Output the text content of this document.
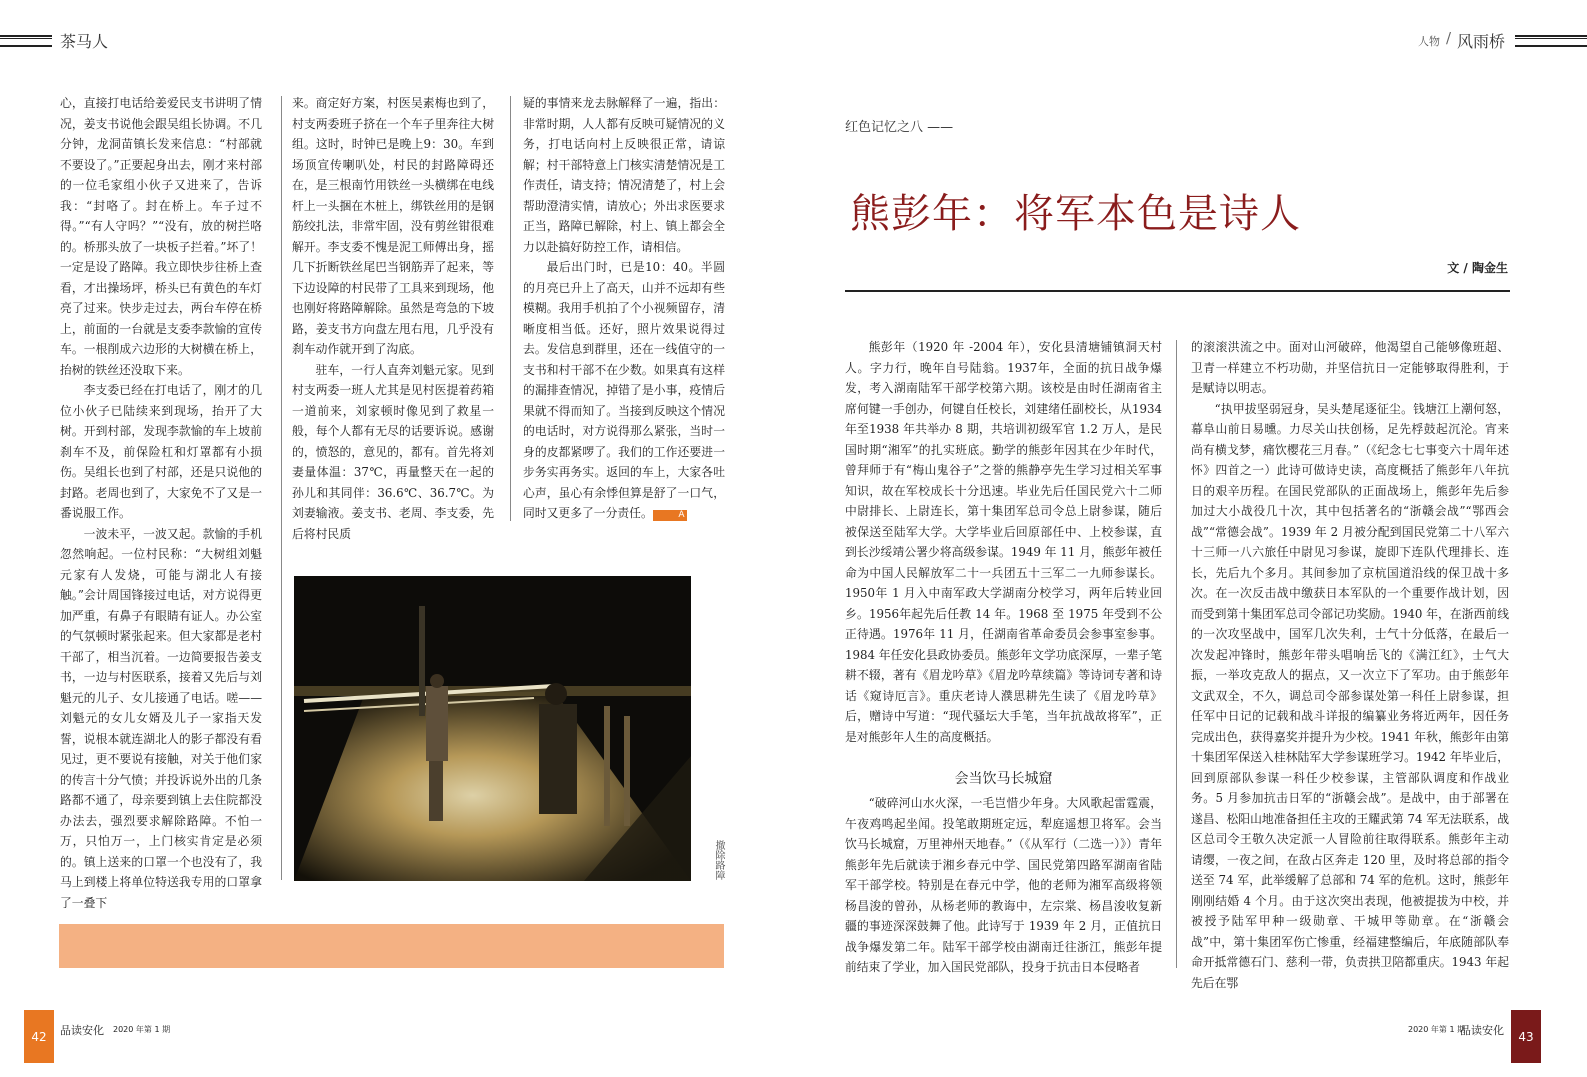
茶马人	人物 / 风雨桥
心，直接打电话给姜爱民支书讲明了情况，姜支书说他会跟吴组长协调。不几分钟，龙洞苗镇长发来信息：“村部就不要设了。”正要起身出去，刚才来村部的一位毛家组小伙子又进来了，告诉我：“封咯了。封在桥上。车子过不得。”“有人守吗？”“没有，放的树拦咯的。桥那头放了一块板子拦着。”坏了！一定是设了路障。我立即快步往桥上查看，才出操场坪，桥头已有黄色的车灯亮了过来。快步走过去，两台车停在桥上，前面的一台就是支委李款愉的宣传车。一根削成六边形的大树横在桥上，抬树的铁丝还没取下来。
李支委已经在打电话了，刚才的几位小伙子已陆续来到现场，抬开了大树。开到村部，发现李款愉的车上坡前刹车不及，前保险杠和灯罩都有小损伤。吴组长也到了村部，还是只说他的封路。老周也到了，大家免不了又是一番说服工作。
一波未平，一波又起。款愉的手机忽然响起。一位村民称：“大树组刘魁元家有人发烧，可能与湖北人有接触。”会计周国锋接过电话，对方说得更加严重，有鼻子有眼睛有证人。办公室的气氛顿时紧张起来。但大家都是老村干部了，相当沉着。一边简要报告姜支书，一边与村医联系，接着又先后与刘魁元的儿子、女儿接通了电话。嗟——刘魁元的女儿女婿及儿子一家指天发誓，说根本就连湖北人的影子都没有看见过，更不要说有接触，对关于他们家的传言十分气愤；并投诉说外出的几条路都不通了，母亲要到镇上去住院都没办法去，强烈要求解除路障。不怕一万，只怕万一，上门核实肯定是必须的。镇上送来的口罩一个也没有了，我马上到楼上将单位特送我专用的口罩拿了一叠下
来。商定好方案，村医吴素梅也到了，村支两委班子挤在一个车子里奔往大树组。这时，时钟已是晚上9：30。车到场顶宣传喇叭处，村民的封路障碍还在，是三根南竹用铁丝一头横绑在电线杆上一头捆在木桩上，绑铁丝用的是钢筋绞扎法，非常牢固，没有剪丝钳很难解开。李支委不愧是泥工师傅出身，摇几下折断铁丝尾巴当钢筋弄了起来，等下边设障的村民带了工具来到现场，他也刚好将路障解除。虽然是弯急的下坡路，姜支书方向盘左甩右甩，几乎没有刹车动作就开到了沟底。
驻车，一行人直奔刘魁元家。见到村支两委一班人尤其是见村医提着药箱一道前来，刘家顿时像见到了救星一般，每个人都有无尽的话要诉说。感谢的，愤怒的，意见的，都有。首先将刘妻量体温：37℃，再量整天在一起的孙儿和其同伴：36.6℃、36.7℃。为刘妻输液。姜支书、老周、李支委，先后将村民质
疑的事情来龙去脉解释了一遍，指出：非常时期，人人都有反映可疑情况的义务，打电话向村上反映很正常，请谅解；村干部特意上门核实清楚情况是工作责任，请支持；情况清楚了，村上会帮助澄清实情，请放心；外出求医要求正当，路障已解除，村上、镇上都会全力以赴搞好防控工作，请相信。
最后出门时，已是10：40。半圆的月亮已升上了高天，山并不远却有些模糊。我用手机拍了个小视频留存，清晰度相当低。还好，照片效果说得过去。发信息到群里，还在一线值守的一支书和村干部不在少数。如果真有这样的漏排查情况，掉错了是小事，疫情后果就不得而知了。当接到反映这个情况的电话时，对方说得那么紧张，当时一身的皮都紧啰了。我们的工作还要进一步务实再务实。返回的车上，大家各吐心声，虽心有余悸但算是舒了一口气，同时又更多了一分责任。	A
撤除路障
红色记忆之八 ——
熊彭年：将军本色是诗人
文 / 陶金生
熊彭年（1920 年 -2004 年），安化县清塘铺镇洞天村人。字力行，晚年自号陆翁。1937年，全面的抗日战争爆发，考入湖南陆军干部学校第六期。该校是由时任湖南省主席何键一手创办，何键自任校长，刘建绪任副校长，从1934 年至1938 年共举办 8 期，共培训初级军官 1.2 万人，是民国时期“湘军”的扎实班底。勤学的熊彭年因其在少年时代，曾拜师于有“梅山鬼谷子”之誉的熊静亭先生学习过相关军事知识，故在军校成长十分迅速。毕业先后任国民党六十二师中尉排长、上尉连长，第十集团军总司令总上尉参谋，随后被保送至陆军大学。大学毕业后回原部任中、上校参谋，直到长沙绥靖公署少将高级参谋。1949 年 11 月，熊彭年被任命为中国人民解放军二十一兵团五十三军二一九师参谋长。1950年 1 月入中南军政大学湖南分校学习，两年后转业回乡。1956年起先后任教 14 年。1968 至 1975 年受到不公正待遇。1976年 11 月，任湖南省革命委员会参事室参事。1984 年任安化县政协委员。熊彭年文学功底深厚，一辈子笔耕不辍，著有《眉龙吟草》《眉龙吟草续篇》等诗词专著和诗话《窥诗厄言》。重庆老诗人濮思耕先生读了《眉龙吟草》后，赠诗中写道：“现代骚坛大手笔，当年抗战故将军”，正是对熊彭年人生的高度概括。
会当饮马长城窟
“破碎河山水火深，一毛岂惜少年身。大风歌起雷霆震，午夜鸡鸣起坐闻。投笔敢期班定远，犁庭遥想卫将军。会当饮马长城窟，万里神州天地春。”（《从军行（二选一）》）青年熊彭年先后就读于湘乡春元中学、国民党第四路军湖南省陆军干部学校。特别是在春元中学，他的老师为湘军高级将领杨昌浚的曾孙，从杨老师的教诲中，左宗棠、杨昌浚收复新疆的事迹深深鼓舞了他。此诗写于 1939 年 2 月，正值抗日战争爆发第二年。陆军干部学校由湖南迁往浙江，熊彭年提前结束了学业，加入国民党部队，投身于抗击日本侵略者
的滚滚洪流之中。面对山河破碎，他渴望自己能够像班超、卫青一样建立不朽功勋，并坚信抗日一定能够取得胜利，于是赋诗以明志。
“执甲拔坚弱冠身，吴头楚尾逐征尘。钱塘江上潮何怒，幕阜山前日易曛。力尽关山扶创杨，足先桴鼓起沉沦。宵来尚有横戈梦，痛饮樱花三月春。”（《纪念七七事变六十周年述怀》四首之一）此诗可做诗史读，高度概括了熊彭年八年抗日的艰辛历程。在国民党部队的正面战场上，熊彭年先后参加过大小战役几十次，其中包括著名的“浙赣会战”“鄂西会战”“常德会战”。1939 年 2 月被分配到国民党第二十八军六十三师一八六旅任中尉见习参谋，旋即下连队代理排长、连长，先后九个多月。其间参加了京杭国道沿线的保卫战十多次。在一次反击战中缴获日本军队的一个重要作战计划，因而受到第十集团军总司令部记功奖励。1940 年，在浙西前线的一次攻坚战中，国军几次失利，士气十分低落，在最后一次发起冲锋时，熊彭年带头唱响岳飞的《满江红》，士气大振，一举攻克敌人的据点，又一次立下了军功。由于熊彭年文武双全，不久，调总司令部参谋处第一科任上尉参谋，担任军中日记的记载和战斗详报的编纂业务将近两年，因任务完成出色，获得嘉奖并提升为少校。1941 年秋，熊彭年由第十集团军保送入桂林陆军大学参谋班学习。1942 年毕业后，回到原部队参谋一科任少校参谋，主管部队调度和作战业务。5 月参加抗击日军的“浙赣会战”。是战中，由于部署在遂昌、松阳山地准备担任主攻的王耀武第 74 军无法联系，战区总司令王敬久决定派一人冒险前往取得联系。熊彭年主动请缨，一夜之间，在敌占区奔走 120 里，及时将总部的指令送至 74 军，此举缓解了总部和 74 军的危机。这时，熊彭年刚刚结婚 4 个月。由于这次突出表现，他被提拔为中校，并被授予陆军甲种一级勋章、干城甲等勋章。在“浙赣会战”中，第十集团军伤亡惨重，经福建整编后，年底随部队奉命开抵常德石门、慈利一带，负责拱卫陪都重庆。1943 年起先后在鄂
42	品读安化 2020 年第 1 期	2020 年第 1 期
品读安化	43
